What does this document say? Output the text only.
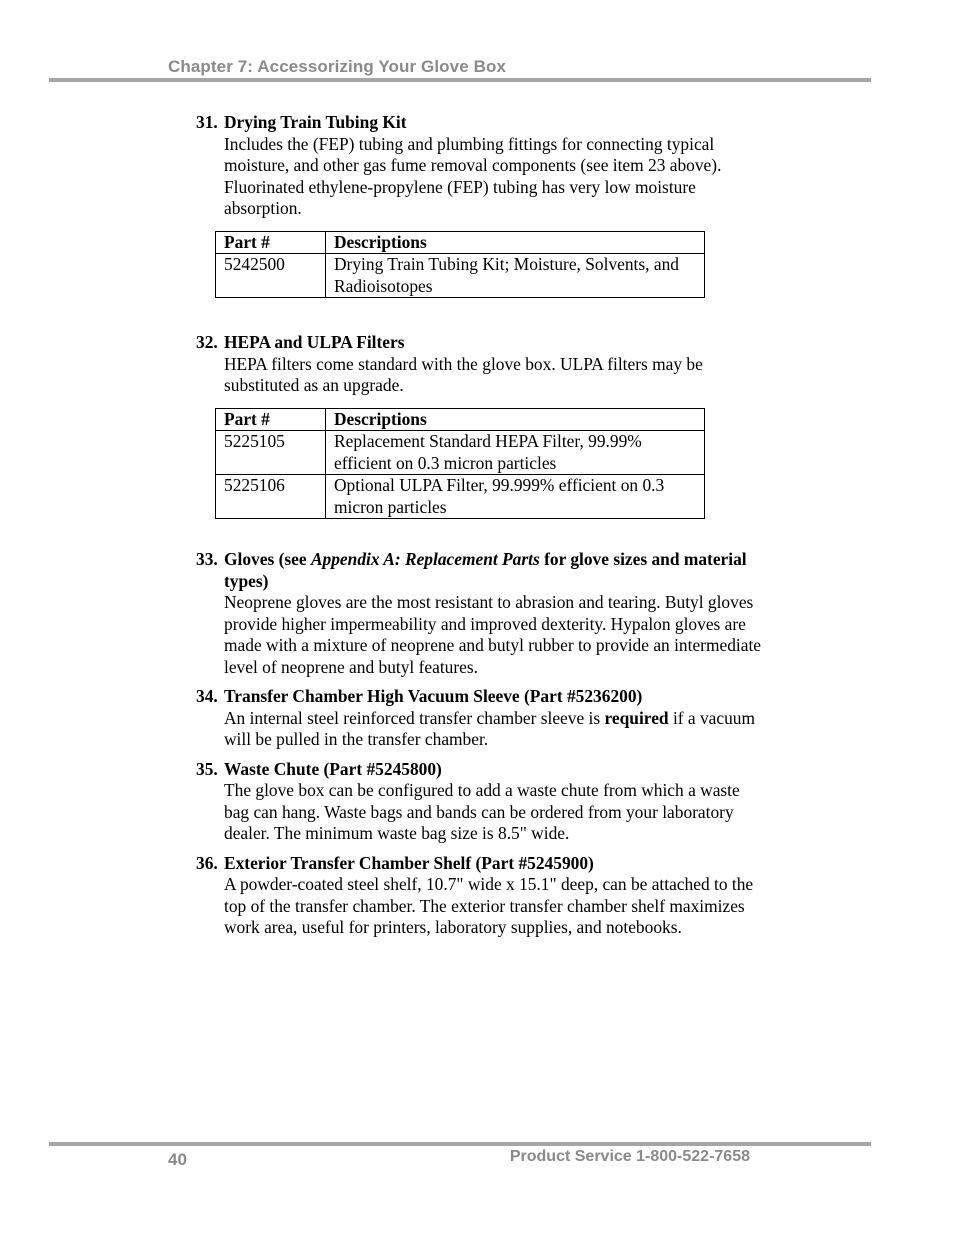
Chapter 7: Accessorizing Your Glove Box
31. Drying Train Tubing Kit

Includes the (FEP) tubing and plumbing fittings for connecting typical moisture, and other gas fume removal components (see item 23 above). Fluorinated ethylene-propylene (FEP) tubing has very low moisture absorption.

Part #	Descriptions
5242500	Drying Train Tubing Kit; Moisture, Solvents, and Radioisotopes
32. HEPA and ULPA Filters

HEPA filters come standard with the glove box. ULPA filters may be substituted as an upgrade.

Part #	Descriptions
5225105	Replacement Standard HEPA Filter, 99.99% efficient on 0.3 micron particles
5225106	Optional ULPA Filter, 99.999% efficient on 0.3 micron particles
33. Gloves (see Appendix A: Replacement Parts for glove sizes and material types)

Neoprene gloves are the most resistant to abrasion and tearing. Butyl gloves provide higher impermeability and improved dexterity. Hypalon gloves are made with a mixture of neoprene and butyl rubber to provide an intermediate level of neoprene and butyl features.

34. Transfer Chamber High Vacuum Sleeve (Part #5236200)

An internal steel reinforced transfer chamber sleeve is required if a vacuum will be pulled in the transfer chamber.

35. Waste Chute (Part #5245800)

The glove box can be configured to add a waste chute from which a waste bag can hang. Waste bags and bands can be ordered from your laboratory dealer. The minimum waste bag size is 8.5" wide.

36. Exterior Transfer Chamber Shelf (Part #5245900)

A powder-coated steel shelf, 10.7" wide x 15.1" deep, can be attached to the top of the transfer chamber. The exterior transfer chamber shelf maximizes work area, useful for printers, laboratory supplies, and notebooks.

40	Product Service 1-800-522-7658
